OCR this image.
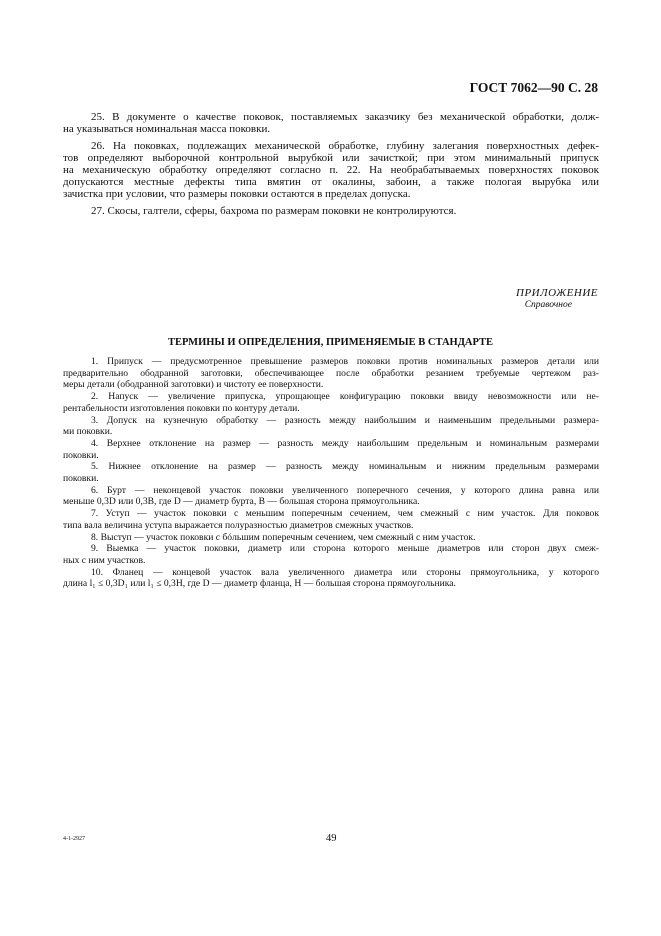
ГОСТ 7062—90 С. 28
25. В документе о качестве поковок, поставляемых заказчику без механической обработки, долж-
на указываться номинальная масса поковки.
26. На поковках, подлежащих механической обработке, глубину залегания поверхностных дефек-
тов определяют выборочной контрольной вырубкой или зачисткой; при этом минимальный припуск
на механическую обработку определяют согласно п. 22. На необрабатываемых поверхностях поковок
допускаются местные дефекты типа вмятин от окалины, забоин, а также пологая вырубка или
зачистка при условии, что размеры поковки остаются в пределах допуска.
27. Скосы, галтели, сферы, бахрома по размерам поковки не контролируются.
ПРИЛОЖЕНИЕ
Справочное
ТЕРМИНЫ И ОПРЕДЕЛЕНИЯ, ПРИМЕНЯЕМЫЕ В СТАНДАРТЕ
1. Припуск — предусмотренное превышение размеров поковки против номинальных размеров детали или
предварительно ободранной заготовки, обеспечивающее после обработки резанием требуемые чертежом раз-
меры детали (ободранной заготовки) и чистоту ее поверхности.
2. Напуск — увеличение припуска, упрощающее конфигурацию поковки ввиду невозможности или не-
рентабельности изготовления поковки по контуру детали.
3. Допуск на кузнечную обработку — разность между наибольшим и наименьшим предельными размера-
ми поковки.
4. Верхнее отклонение на размер — разность между наибольшим предельным и номинальным размерами
поковки.
5. Нижнее отклонение на размер — разность между номинальным и нижним предельным размерами
поковки.
6. Бурт — неконцевой участок поковки увеличенного поперечного сечения, у которого длина равна или
меньше 0,3D или 0,3B, где D — диаметр бурта, B — большая сторона прямоугольника.
7. Уступ — участок поковки с меньшим поперечным сечением, чем смежный с ним участок. Для поковок
типа вала величина уступа выражается полуразностью диаметров смежных участков.
8. Выступ — участок поковки с бóльшим поперечным сечением, чем смежный с ним участок.
9. Выемка — участок поковки, диаметр или сторона которого меньше диаметров или сторон двух смеж-
ных с ним участков.
10. Фланец — концевой участок вала увеличенного диаметра или стороны прямоугольника, у которого
длина l₁ ≤ 0,3D₁ или l₁ ≤ 0,3H, где D — диаметр фланца, H — большая сторона прямоугольника.
4-1-2927	49
